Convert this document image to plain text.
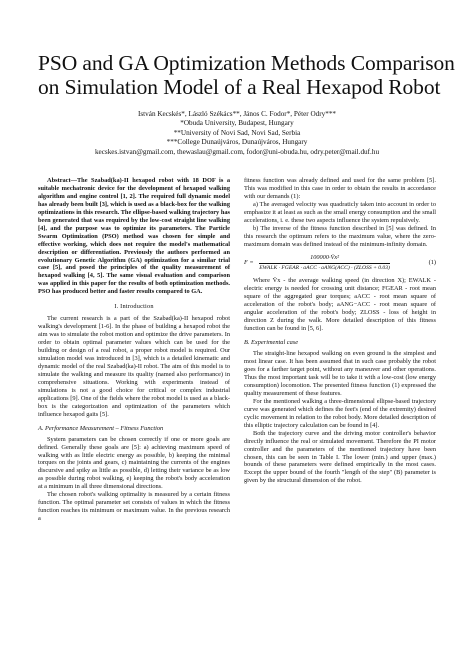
PSO and GA Optimization Methods Comparison
on Simulation Model of a Real Hexapod Robot
István Kecskés*, László Székács**, János C. Fodor*, Péter Odry***
*Obuda University, Budapest, Hungary
**University of Novi Sad, Novi Sad, Serbia
***College Dunaújváros, Dunaújváros, Hungary
kecskes.istvan@gmail.com, thewaslau@gmail.com, fodor@uni-obuda.hu, odry.peter@mail.duf.hu

Abstract—The Szabad(ka)-II hexapod robot with 18 DOF is a suitable mechatronic device for the development of hexapod walking algorithm and engine control [1, 2]. The required full dynamic model has already been built [3], which is used as a black-box for the walking optimizations in this research. The ellipse-based walking trajectory has been generated that was required by the low-cost straight line walking [4], and the purpose was to optimize its parameters. The Particle Swarm Optimization (PSO) method was chosen for simple and effective working, which does not require the model's mathematical description or differentiation. Previously the authors performed an evolutionary Genetic Algorithm (GA) optimization for a similar trial case [5], and posed the principles of the quality measurement of hexapod walking [4, 5]. The same visual evaluation and comparison was applied in this paper for the results of both optimization methods. PSO has produced better and faster results compared to GA.

I. Introduction

The current research is a part of the Szabad(ka)-II hexapod robot walking's development [1-6]. In the phase of building a hexapod robot the aim was to simulate the robot motion and optimize the drive parameters. In order to obtain optimal parameter values which can be used for the building or design of a real robot, a proper robot model is required. Our simulation model was introduced in [3], which is a detailed kinematic and dynamic model of the real Szabad(ka)-II robot. The aim of this model is to simulate the walking and measure its quality (named also performance) in comprehensive situations. Working with experiments instead of simulations is not a good choice for critical or complex industrial applications [9]. One of the fields where the robot model is used as a black-box is the categorization and optimization of the parameters which influence hexapod gaits [5].

A. Performance Measurement – Fitness Function

System parameters can be chosen correctly if one or more goals are defined. Generally these goals are [5]: a) achieving maximum speed of walking with as little electric energy as possible, b) keeping the minimal torques on the joints and gears, c) maintaining the currents of the engines discursive and spiky as little as possible, d) letting their variance be as low as possible during robot walking, e) keeping the robot's body acceleration at a minimum in all three dimensional directions.

The chosen robot's walking optimality is measured by a certain fitness function. The optimal parameter set consists of values in which the fitness function reaches its minimum or maximum value. In the previous research a

fitness function was already defined and used for the same problem [5]. This was modified in this case in order to obtain the results in accordance with our demands (1):

a) The averaged velocity was quadraticly taken into account in order to emphasize it at least as such as the small energy consumption and the small accelerations, i. e. these two aspects influence the system repulsively.

b) The inverse of the fitness function described in [5] was defined. In this research the optimum refers to the maximum value, where the zero-maximum domain was defined instead of the minimum-infinity domain.

$F = \frac{\text{100000·V̄x²}}{\text{EWALK · FGEAR · aACC · aANG(ACC) · (ZLOSS + 0.03)}}$	(1)

Where V̄x - the average walking speed (in direction X); EWALK - electric energy is needed for crossing unit distance; FGEAR - root mean square of the aggregated gear torques; aACC - root mean square of acceleration of the robot's body; aANG−ACC - root mean square of angular acceleration of the robot's body; ZLOSS - loss of height in direction Z during the walk. More detailed description of this fitness function can be found in [5, 6].

B. Experimental case

The straight-line hexapod walking on even ground is the simplest and most linear case. It has been assumed that in such case probably the robot goes for a farther target point, without any maneuver and other operations. Thus the most important task will be to take it with a low-cost (low energy consumption) locomotion. The presented fitness function (1) expressed the quality measurement of these features.

For the mentioned walking a three-dimensional ellipse-based trajectory curve was generated which defines the feet's (end of the extremity) desired cyclic movement in relation to the robot body. More detailed description of this elliptic trajectory calculation can be found in [4].

Both the trajectory curve and the driving motor controller's behavior directly influence the real or simulated movement. Therefore the PI motor controller and the parameters of the mentioned trajectory have been chosen, this can be seen in Table I. The lower (min.) and upper (max.) bounds of these parameters were defined empirically in the most cases. Except the upper bound of the fourth "length of the step" (B) parameter is given by the structural dimension of the robot.
